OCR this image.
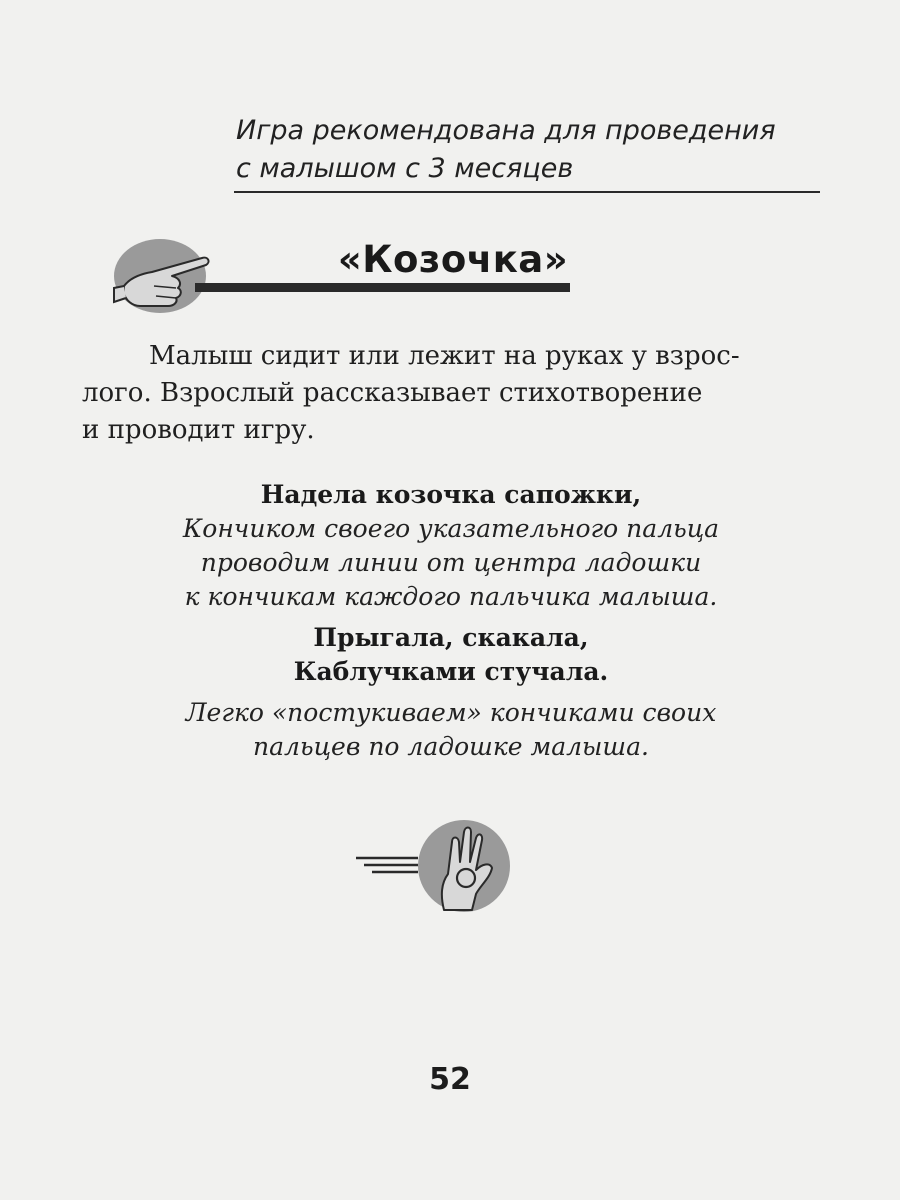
Игра рекомендована для проведения
с малышом с 3 месяцев
«Козочка»
Малыш сидит или лежит на руках у взрос-
лого. Взрослый рассказывает стихотворение
и проводит игру.
Надела козочка сапожки,
Кончиком своего указательного пальца
проводим линии от центра ладошки
к кончикам каждого пальчика малыша.
Прыгала, скакала,
Каблучками стучала.
Легко «постукиваем» кончиками своих
пальцев по ладошке малыша.
52
